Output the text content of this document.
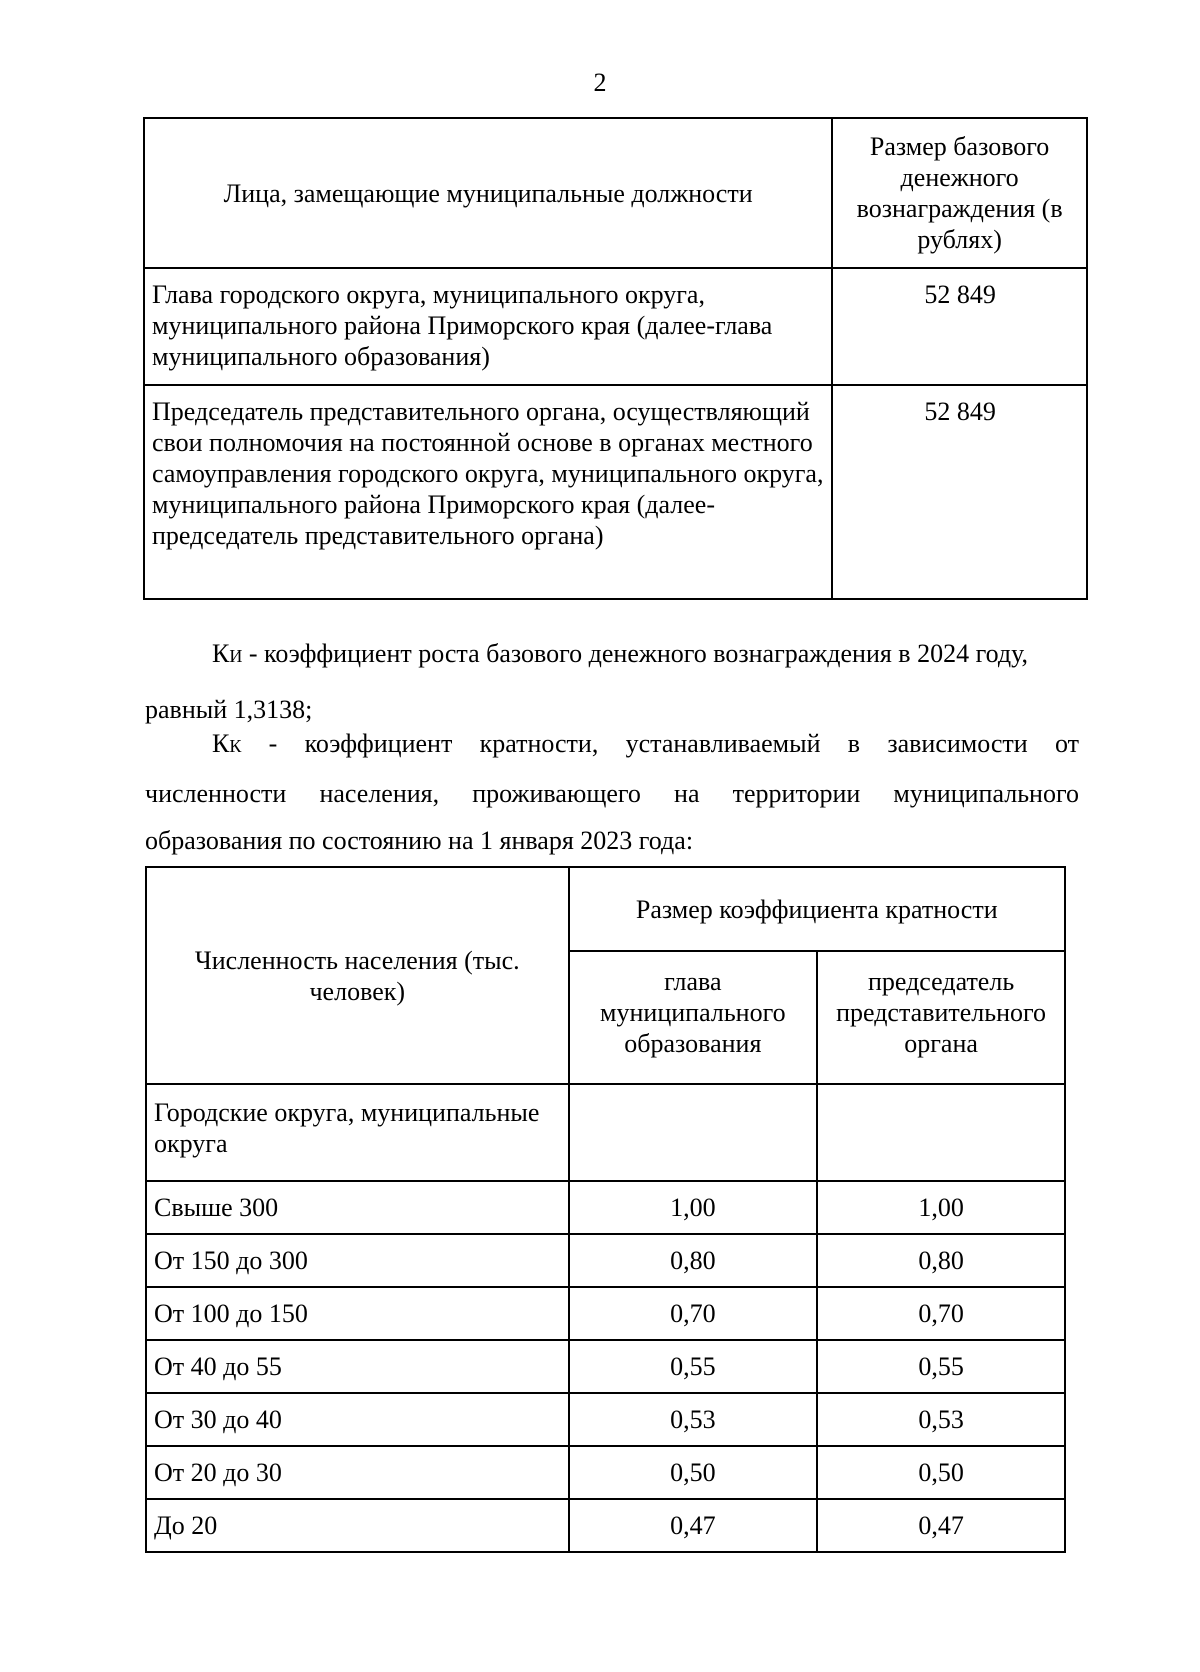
2
Лица, замещающие муниципальные должности	Размер базового денежного вознаграждения (в рублях)
Глава городского округа, муниципального округа, муниципального района Приморского края (далее-глава муниципального образования)	52 849
Председатель представительного органа, осуществляющий свои полномочия на постоянной основе в органах местного самоуправления городского округа, муниципального округа, муниципального района Приморского края (далее-председатель представительного органа)	52 849

КИ - коэффициент роста базового денежного вознаграждения в 2024 году, равный 1,3138;

КК - коэффициент кратности, устанавливаемый в зависимости от численности населения, проживающего на территории муниципального образования по состоянию на 1 января 2023 года:

Численность населения (тыс. человек)	Размер коэффициента кратности	
	глава муниципального образования	председатель представительного органа
Городские округа, муниципальные округа		
Свыше 300	1,00	1,00
От 150 до 300	0,80	0,80
От 100 до 150	0,70	0,70
От 40 до 55	0,55	0,55
От 30 до 40	0,53	0,53
От 20 до 30	0,50	0,50
До 20	0,47	0,47
